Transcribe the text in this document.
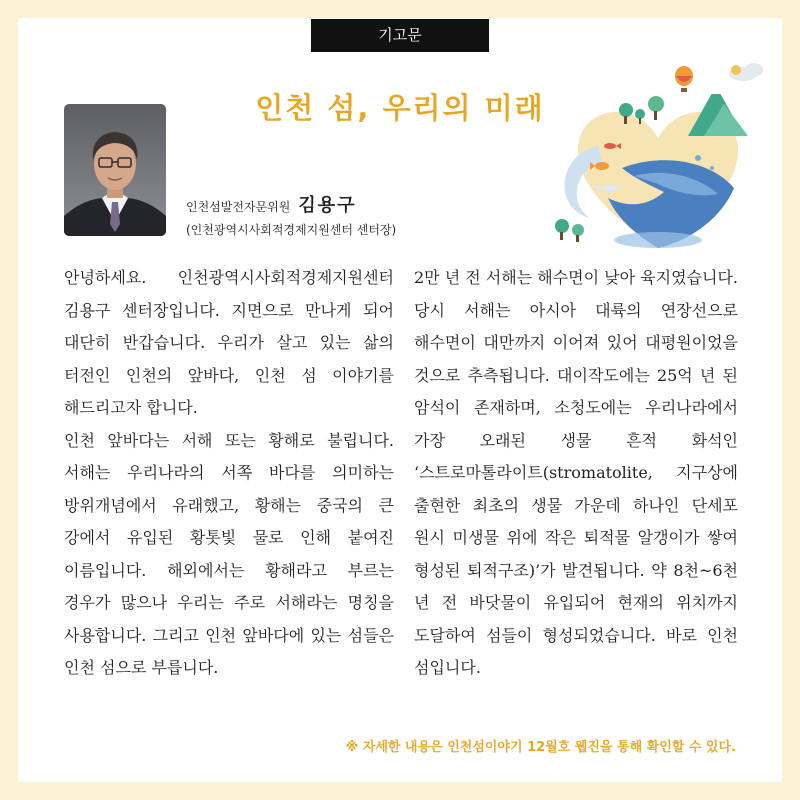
기고문
인천 섬, 우리의 미래
인천섬발전자문위원 김용구
(인천광역시사회적경제지원센터 센터장)

안녕하세요. 인천광역시사회적경제지원센터 김용구 센터장입니다. 지면으로 만나게 되어 대단히 반갑습니다. 우리가 살고 있는 삶의 터전인 인천의 앞바다, 인천 섬 이야기를 해드리고자 합니다.

인천 앞바다는 서해 또는 황해로 불립니다. 서해는 우리나라의 서쪽 바다를 의미하는 방위개념에서 유래했고, 황해는 중국의 큰 강에서 유입된 황톳빛 물로 인해 붙여진 이름입니다. 해외에서는 황해라고 부르는 경우가 많으나 우리는 주로 서해라는 명칭을 사용합니다. 그리고 인천 앞바다에 있는 섬들은 인천 섬으로 부릅니다.

2만 년 전 서해는 해수면이 낮아 육지였습니다. 당시 서해는 아시아 대륙의 연장선으로 해수면이 대만까지 이어져 있어 대평원이었을 것으로 추측됩니다. 대이작도에는 25억 년 된 암석이 존재하며, 소청도에는 우리나라에서 가장 오래된 생물 흔적 화석인 ‘스트로마톨라이트(stromatolite, 지구상에 출현한 최초의 생물 가운데 하나인 단세포 원시 미생물 위에 작은 퇴적물 알갱이가 쌓여 형성된 퇴적구조)’가 발견됩니다. 약 8천~6천 년 전 바닷물이 유입되어 현재의 위치까지 도달하여 섬들이 형성되었습니다. 바로 인천 섬입니다.

※ 자세한 내용은 인천섬이야기 12월호 웹진을 통해 확인할 수 있다.
